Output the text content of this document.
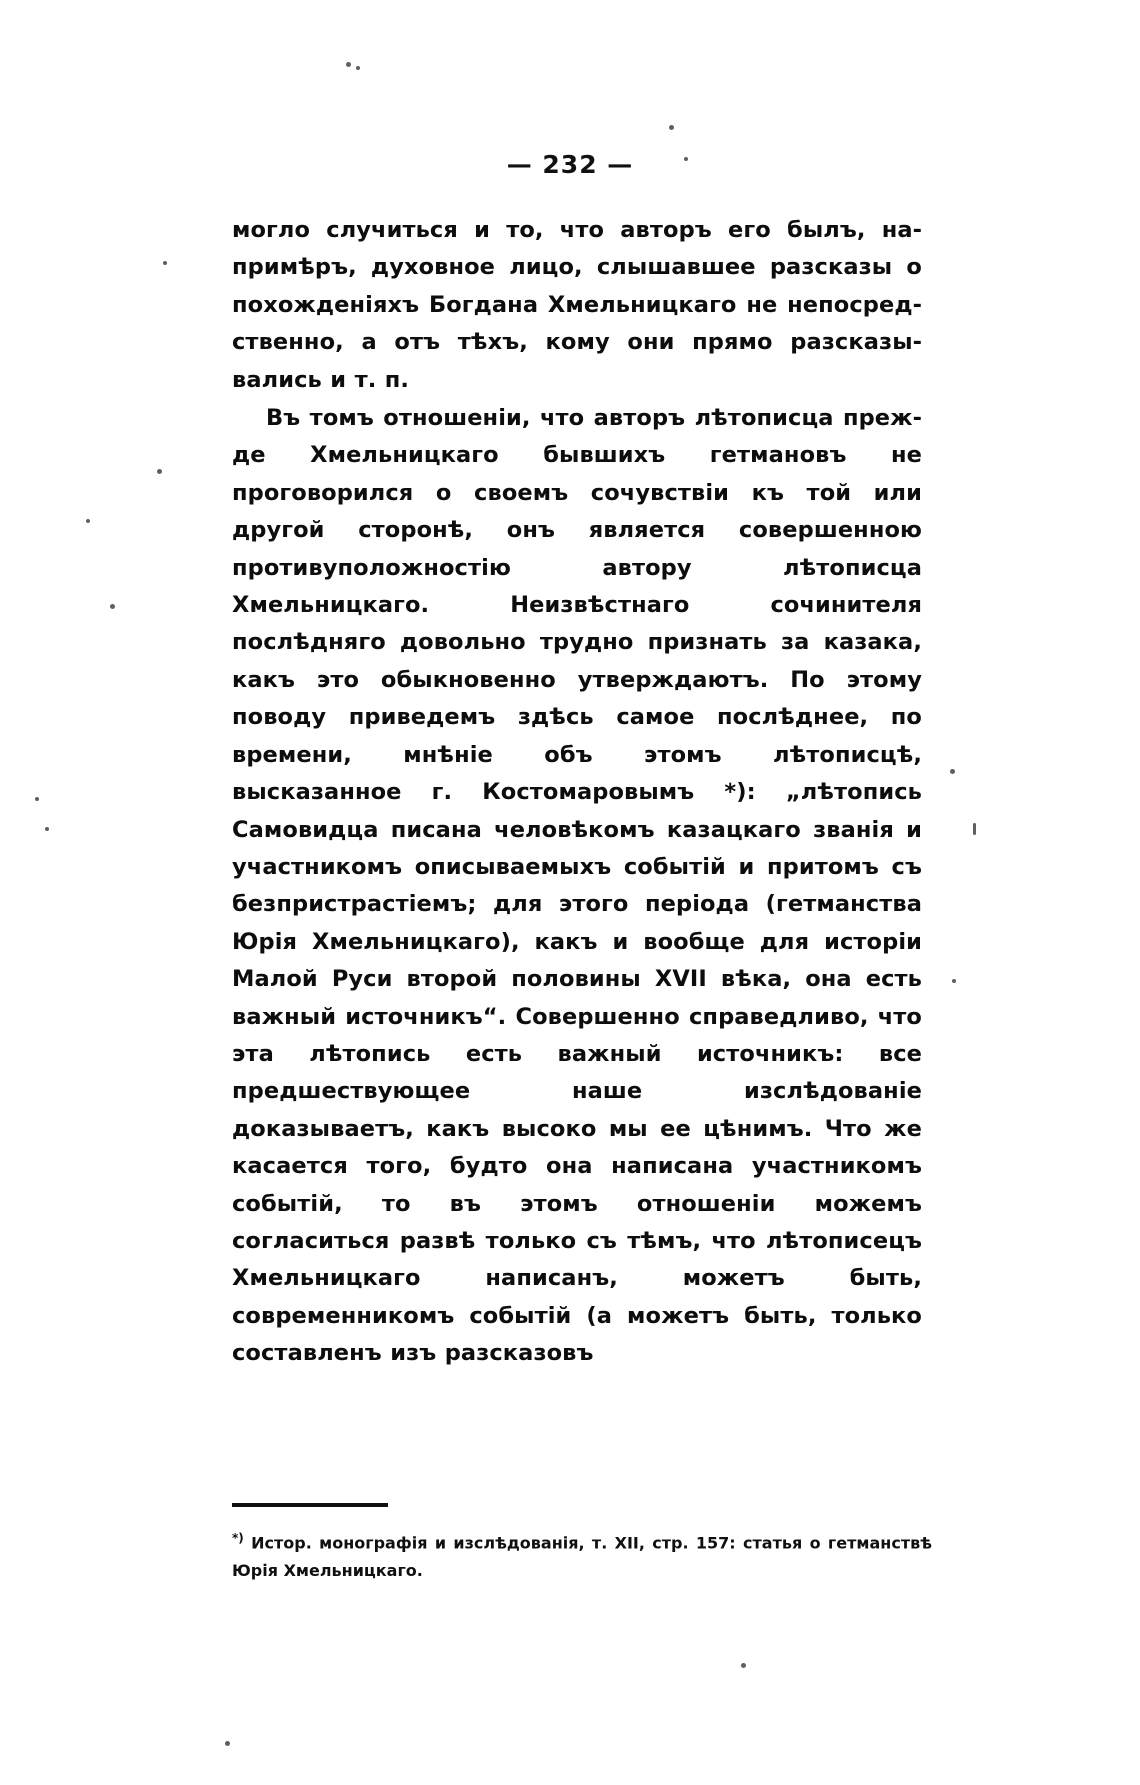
— 232 —

могло случиться и то, что авторъ его былъ, напримѣръ, духовное лицо, слышавшее разсказы о похожденіяхъ Богдана Хмельницкаго не непосредственно, а отъ тѣхъ, кому они прямо разсказывались и т. п.

Въ томъ отношеніи, что авторъ лѣтописца прежде Хмельницкаго бывшихъ гетмановъ не проговорился о своемъ сочувствіи къ той или другой сторонѣ, онъ является совершенною противуположностію автору лѣтописца Хмельницкаго. Неизвѣстнаго сочинителя послѣдняго довольно трудно признать за казака, какъ это обыкновенно утверждаютъ. По этому поводу приведемъ здѣсь самое послѣднее, по времени, мнѣніе объ этомъ лѣтописцѣ, высказанное г. Костомаровымъ *): „лѣтопись Самовидца писана человѣкомъ казацкаго званія и участникомъ описываемыхъ событій и притомъ съ безпристрастіемъ; для этого періода (гетманства Юрія Хмельницкаго), какъ и вообще для исторіи Малой Руси второй половины XVII вѣка, она есть важный источникъ“. Совершенно справедливо, что эта лѣтопись есть важный источникъ: все предшествующее наше изслѣдованіе доказываетъ, какъ высоко мы ее цѣнимъ. Что же касается того, будто она написана участникомъ событій, то въ этомъ отношеніи можемъ согласиться развѣ только съ тѣмъ, что лѣтописецъ Хмельницкаго написанъ, можетъ быть, современникомъ событій (а можетъ быть, только составленъ изъ разсказовъ

*) Истор. монографія и изслѣдованія, т. XII, стр. 157: статья о гетманствѣ Юрія Хмельницкаго.
